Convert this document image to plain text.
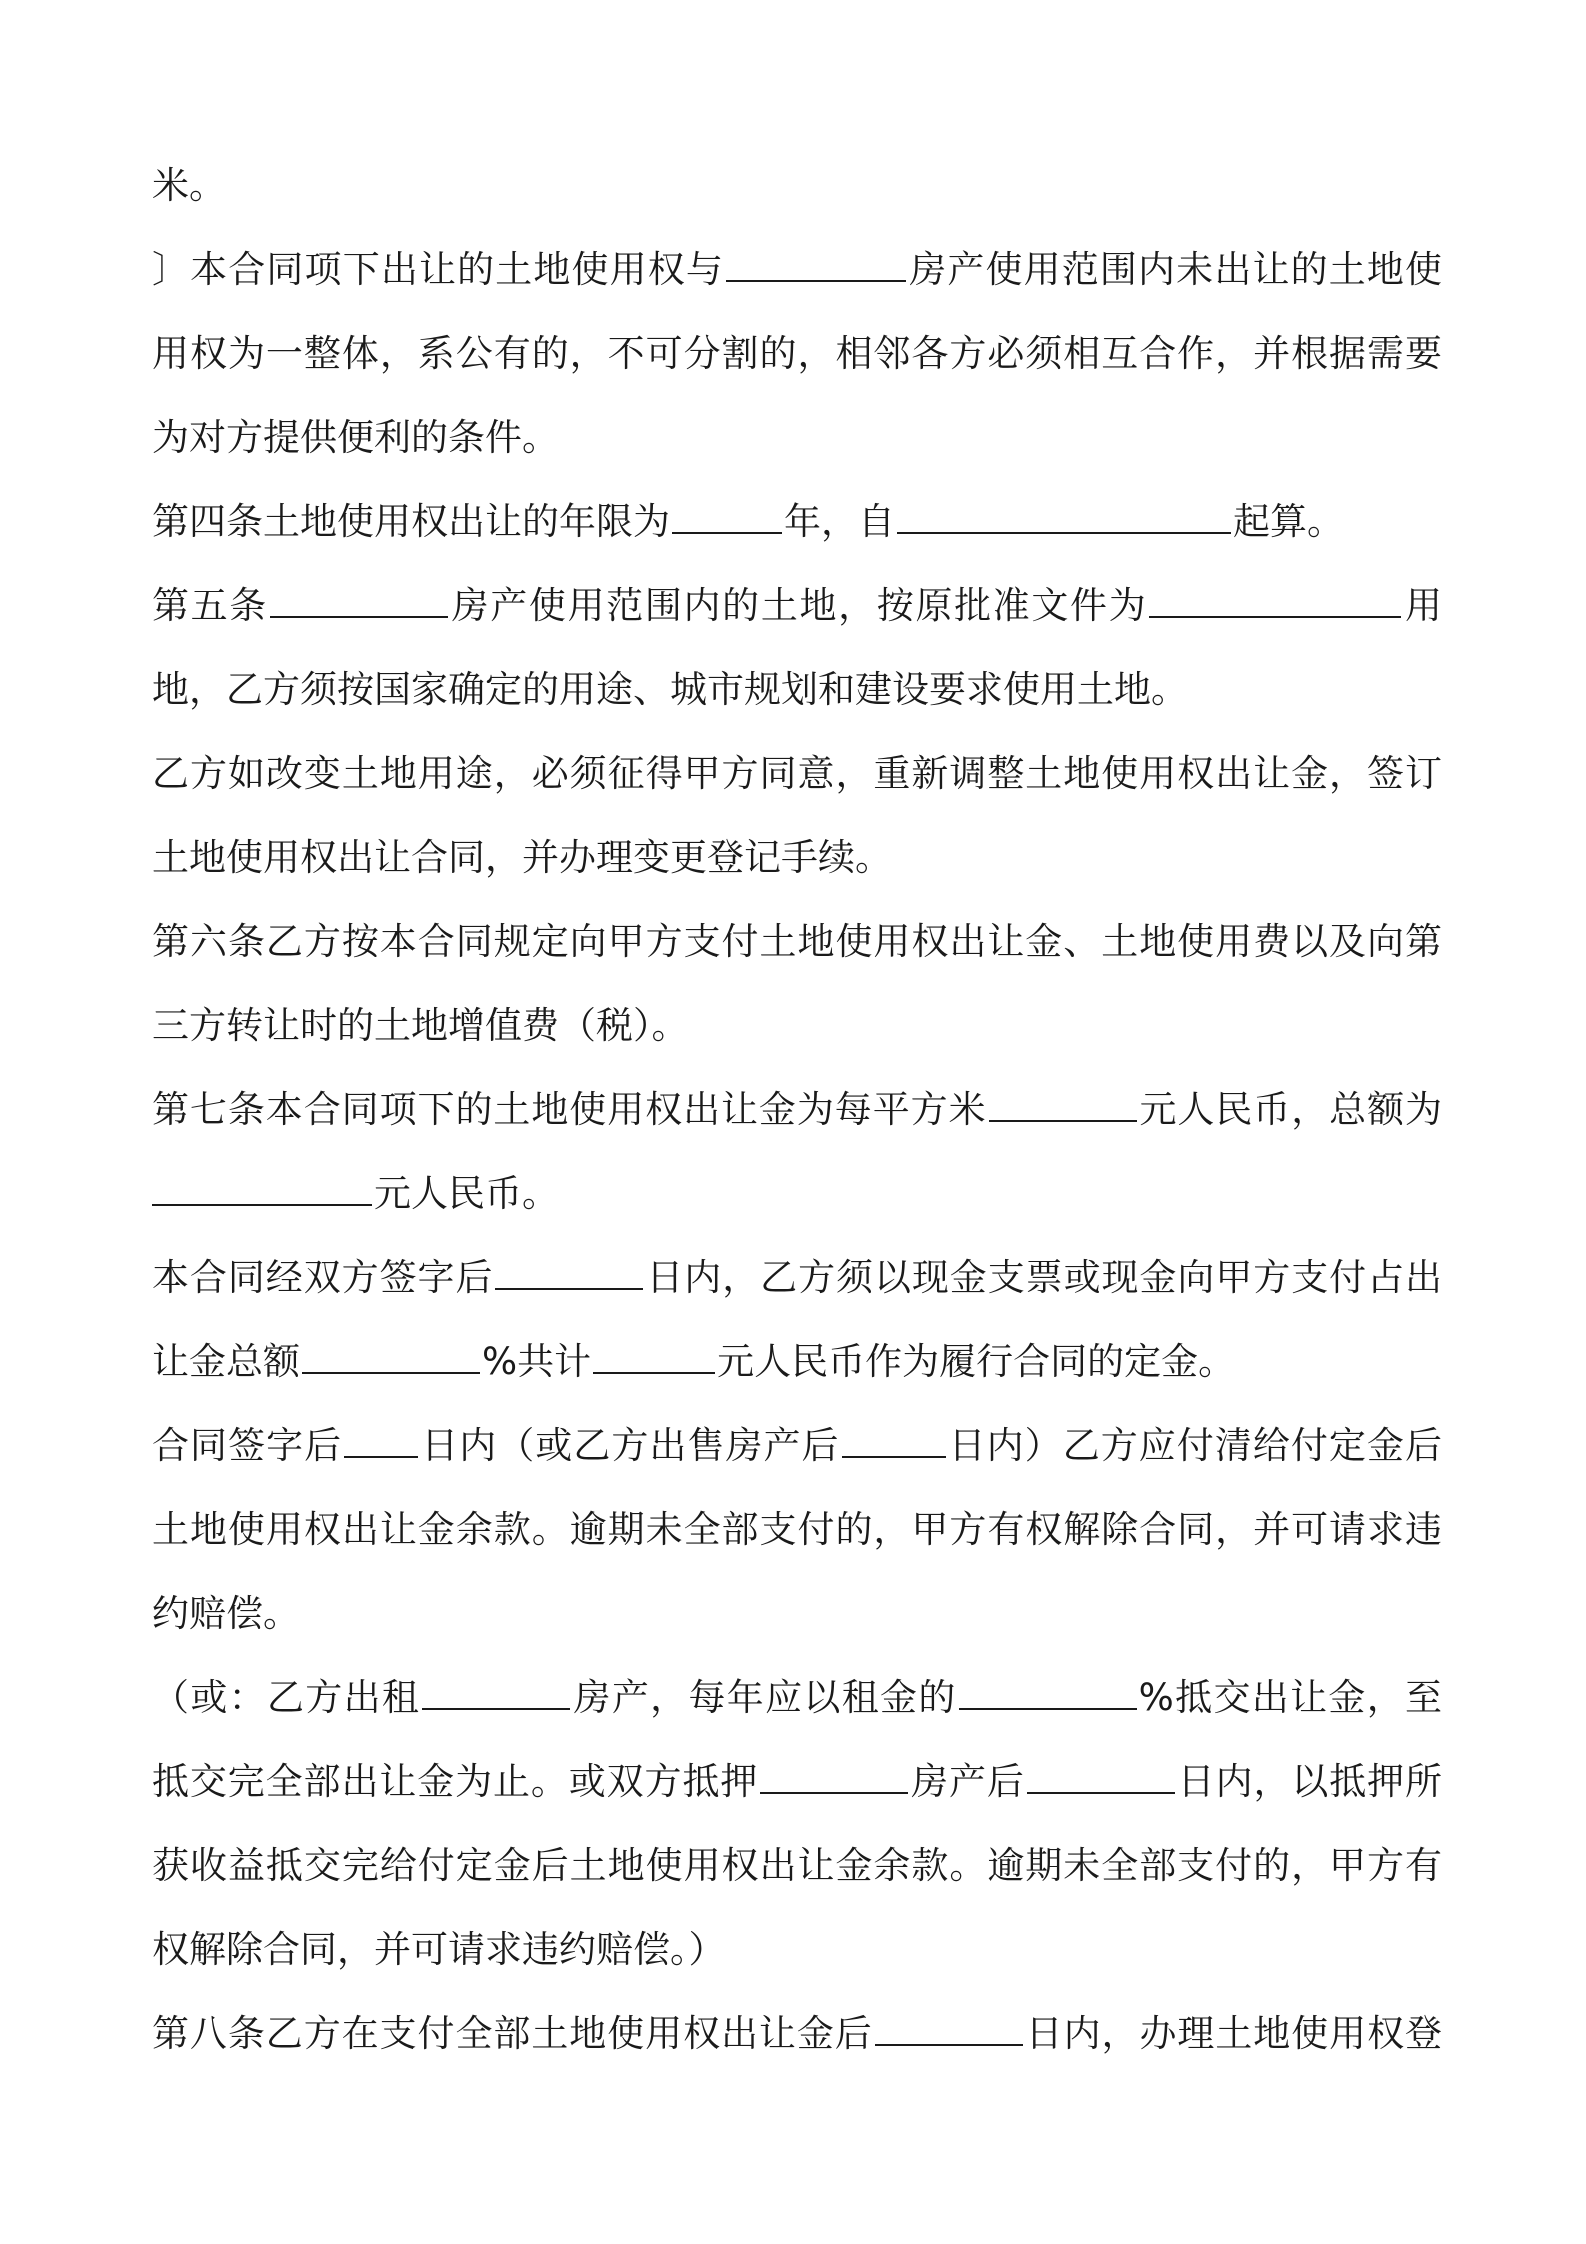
米。
〕本合同项下出让的土地使用权与	房产使用范围内未出让的土地使
用权为一整体，系公有的，不可分割的，相邻各方必须相互合作，并根据需要
为对方提供便利的条件。
第四条土地使用权出让的年限为	年，自	起算。
第五条	房产使用范围内的土地，按原批准文件为	用
地，乙方须按国家确定的用途、城市规划和建设要求使用土地。
乙方如改变土地用途，必须征得甲方同意，重新调整土地使用权出让金，签订
土地使用权出让合同，并办理变更登记手续。
第六条乙方按本合同规定向甲方支付土地使用权出让金、土地使用费以及向第
三方转让时的土地增值费（税）。
第七条本合同项下的土地使用权出让金为每平方米	元人民币，总额为
元人民币。
本合同经双方签字后	日内，乙方须以现金支票或现金向甲方支付占出
让金总额	%共计	元人民币作为履行合同的定金。
合同签字后 日内（或乙方出售房产后	日内）乙方应付清给付定金后
土地使用权出让金余款。逾期未全部支付的，甲方有权解除合同，并可请求违
约赔偿。
（或：乙方出租	房产，每年应以租金的	%抵交出让金，至
抵交完全部出让金为止。或双方抵押	房产后	日内，以抵押所
获收益抵交完给付定金后土地使用权出让金余款。逾期未全部支付的，甲方有
权解除合同，并可请求违约赔偿。）
第八条乙方在支付全部土地使用权出让金后	日内，办理土地使用权登
